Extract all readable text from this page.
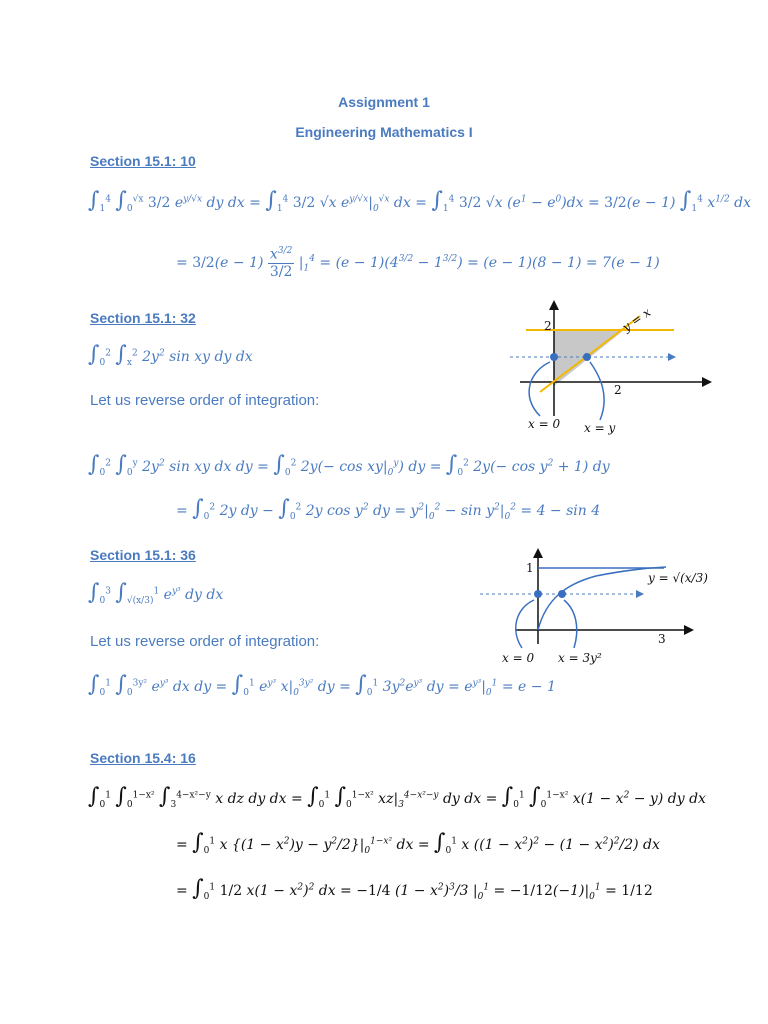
Assignment 1
Engineering Mathematics I
Section 15.1: 10
$\int_1^4$ $\int_0^{√x}$ 3/2 $e^{y/√x}$ dy dx = $\int_1^4$ 3/2 √x $e^{y/√x}|_0^{√x}$ dx = $\int_1^4$ 3/2 √x $(e^1 - e^0)dx = 3/2(e - 1)$ $\int_1^4$ $x^{1/2}$ dx
= $3/2(e - 1) \frac{x^{3/2}}{3/2} |_1^4 = (e - 1)(4^{3/2} - 1^{3/2}) = (e - 1)(8 - 1) = 7(e - 1)$
Section 15.1: 32
$\int_0^2$ $\int_x^2$ $2y^2$ sin xy dy dx
Let us reverse order of integration:
2
2
y = x
x = 0 x = y
$\int_0^2$ $\int_0^y$ $2y^2$ sin xy dx dy = $\int_0^2$ $2y(- \cos xy|_0^y)$ dy = $\int_0^2$ $2y(- \cos y^2 + 1)$ dy
= $\int_0^2$ 2y dy − $\int_0^2$ 2y $\cos y^2$ dy = $y^2|_0^2 - \sin y^2|_0^2 = 4 - \sin 4$
Section 15.1: 36
$\int_0^3$ $\int_{√(x/3)}^1$ $e^{y^3}$ dy dx
Let us reverse order of integration:
1
3
y = √(x/3)
x = 0 x = 3y²
$\int_0^1$ $\int_0^{3y^2}$ $e^{y^3}$ dx dy = $\int_0^1$ $e^{y^3}$ $x|_0^{3y^2}$ dy = $\int_0^1$ $3y^2e^{y^3}$ dy = $e^{y^3}|_0^1 = e - 1$
Section 15.4: 16
$\int_0^1$ $\int_0^{1-x^2}$ $\int_3^{4-x^2-y}$ x dz dy dx = $\int_0^1$ $\int_0^{1-x^2}$ $xz|_3^{4-x^2-y}$ dy dx = $\int_0^1$ $\int_0^{1-x^2}$ $x(1 - x^2 - y)$ dy dx
= $\int_0^1$ x $\{(1 - x^2)y - y^2/2\}|_0^{1-x^2}$ dx = $\int_0^1$ x $((1 - x^2)^2 - (1 - x^2)^2/2)$ dx
= $\int_0^1$ 1/2 $x(1 - x^2)^2$ dx = −1/4 $(1 - x^2)^3/3$ $|_0^1 = -1/12(-1)|_0^1 = 1/12$
